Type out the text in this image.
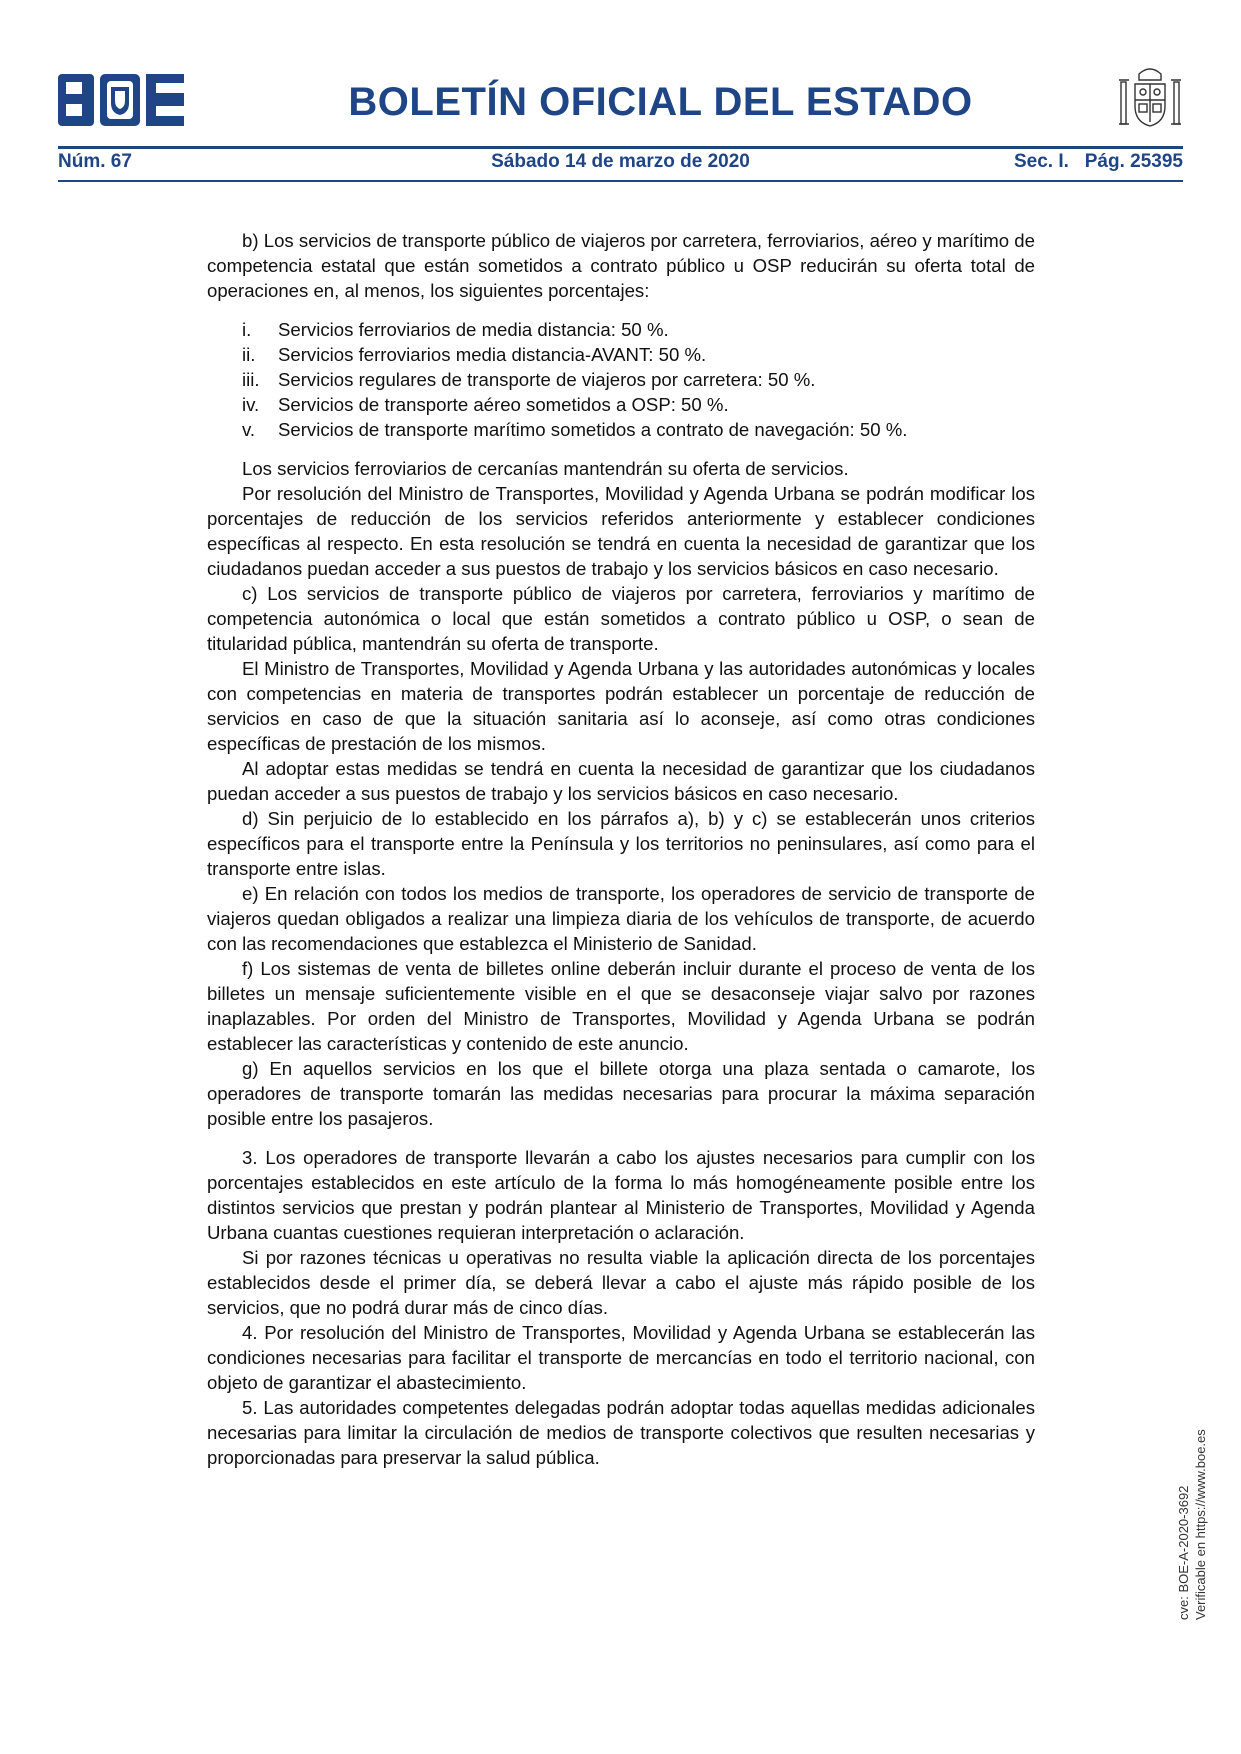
BOLETÍN OFICIAL DEL ESTADO
Núm. 67	Sábado 14 de marzo de 2020	Sec. I.   Pág. 25395

b) Los servicios de transporte público de viajeros por carretera, ferroviarios, aéreo y marítimo de competencia estatal que están sometidos a contrato público u OSP reducirán su oferta total de operaciones en, al menos, los siguientes porcentajes:

i. Servicios ferroviarios de media distancia: 50 %.
ii. Servicios ferroviarios media distancia-AVANT: 50 %.
iii. Servicios regulares de transporte de viajeros por carretera: 50 %.
iv. Servicios de transporte aéreo sometidos a OSP: 50 %.
v. Servicios de transporte marítimo sometidos a contrato de navegación: 50 %.

Los servicios ferroviarios de cercanías mantendrán su oferta de servicios.

Por resolución del Ministro de Transportes, Movilidad y Agenda Urbana se podrán modificar los porcentajes de reducción de los servicios referidos anteriormente y establecer condiciones específicas al respecto. En esta resolución se tendrá en cuenta la necesidad de garantizar que los ciudadanos puedan acceder a sus puestos de trabajo y los servicios básicos en caso necesario.

c) Los servicios de transporte público de viajeros por carretera, ferroviarios y marítimo de competencia autonómica o local que están sometidos a contrato público u OSP, o sean de titularidad pública, mantendrán su oferta de transporte.

El Ministro de Transportes, Movilidad y Agenda Urbana y las autoridades autonómicas y locales con competencias en materia de transportes podrán establecer un porcentaje de reducción de servicios en caso de que la situación sanitaria así lo aconseje, así como otras condiciones específicas de prestación de los mismos.

Al adoptar estas medidas se tendrá en cuenta la necesidad de garantizar que los ciudadanos puedan acceder a sus puestos de trabajo y los servicios básicos en caso necesario.

d) Sin perjuicio de lo establecido en los párrafos a), b) y c) se establecerán unos criterios específicos para el transporte entre la Península y los territorios no peninsulares, así como para el transporte entre islas.

e) En relación con todos los medios de transporte, los operadores de servicio de transporte de viajeros quedan obligados a realizar una limpieza diaria de los vehículos de transporte, de acuerdo con las recomendaciones que establezca el Ministerio de Sanidad.

f) Los sistemas de venta de billetes online deberán incluir durante el proceso de venta de los billetes un mensaje suficientemente visible en el que se desaconseje viajar salvo por razones inaplazables. Por orden del Ministro de Transportes, Movilidad y Agenda Urbana se podrán establecer las características y contenido de este anuncio.

g) En aquellos servicios en los que el billete otorga una plaza sentada o camarote, los operadores de transporte tomarán las medidas necesarias para procurar la máxima separación posible entre los pasajeros.

3. Los operadores de transporte llevarán a cabo los ajustes necesarios para cumplir con los porcentajes establecidos en este artículo de la forma lo más homogéneamente posible entre los distintos servicios que prestan y podrán plantear al Ministerio de Transportes, Movilidad y Agenda Urbana cuantas cuestiones requieran interpretación o aclaración.

Si por razones técnicas u operativas no resulta viable la aplicación directa de los porcentajes establecidos desde el primer día, se deberá llevar a cabo el ajuste más rápido posible de los servicios, que no podrá durar más de cinco días.

4. Por resolución del Ministro de Transportes, Movilidad y Agenda Urbana se establecerán las condiciones necesarias para facilitar el transporte de mercancías en todo el territorio nacional, con objeto de garantizar el abastecimiento.

5. Las autoridades competentes delegadas podrán adoptar todas aquellas medidas adicionales necesarias para limitar la circulación de medios de transporte colectivos que resulten necesarias y proporcionadas para preservar la salud pública.

cve: BOE-A-2020-3692 Verificable en https://www.boe.es
